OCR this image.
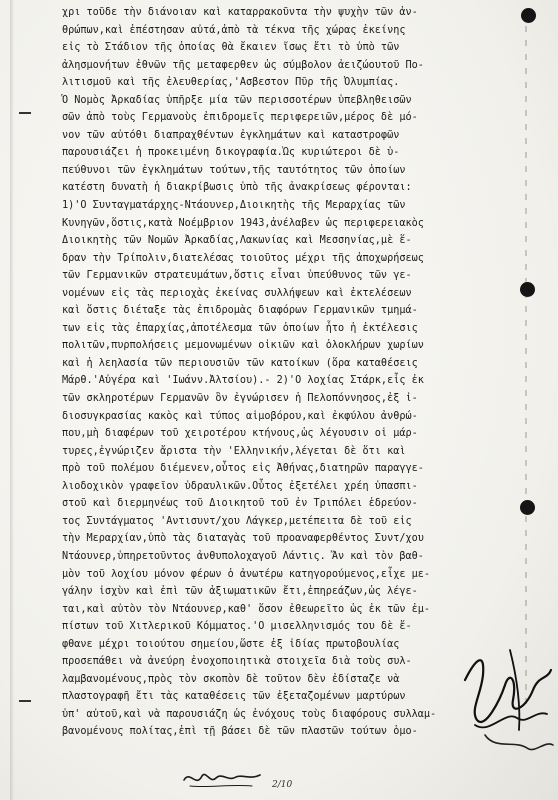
χρι τοῦδε τὴν διάνοιαν καὶ καταρρακοῦντα τὴν ψυχὴν τῶν ἀν-
θρώπων,καὶ ἐπέστησαν αὐτά,ἀπὸ τὰ τέκνα τῆς χώρας ἐκείνης
εἰς τὸ Στάδιον τῆς ὁποίας θὰ ἔκαιεν ἴσως ἔτι τὸ ὑπὸ τῶν
ἀλησμονήτων ἐθνῶν τῆς μεταφερθεν ὡς σύμβολον ἀειζώουτοῦ Πο-
λιτισμοῦ καὶ τῆς ἐλευθερίας,'Ασβεστον Πῦρ τῆς Ὀλυμπίας.
Ὁ Νομὸς Ἀρκαδίας ὑπῆρξε μία τῶν περισσοτέρων ὑπεβληθεισῶν
σῶν ἀπὸ τοὺς Γερμανοὺς ἐπιδρομεῖς περιφερειῶν,μέρος δὲ μό-
νον τῶν αὐτόθι διαπραχθέντων ἐγκλημάτων καὶ καταστροφῶν
παρουσιάζει ἡ προκειμένη δικογραφία.Ὡς κυριώτεροι δὲ ὑ-
πεύθυνοι τῶν ἐγκλημάτων τούτων,τῆς ταυτότητος τῶν ὁποίων
κατέστη δυνατὴ ἡ διακρίβωσις ὑπὸ τῆς ἀνακρίσεως φέρονται:
1)'Ο Συνταγματάρχης-Ντάουνερ,Διοικητὴς τῆς Μεραρχίας τῶν
Κυνηγῶν,ὅστις,κατὰ Νοέμβριον 1943,ἀνέλαβεν ὡς περιφερειακὸς
Διοικητὴς τῶν Νομῶν Ἀρκαδίας,Λακωνίας καὶ Μεσσηνίας,μὲ ἕ-
δραν τὴν Τρίπολιν,διατελέσας τοιοῦτος μέχρι τῆς ἀποχωρήσεως
τῶν Γερμανικῶν στρατευμάτων,ὅστις εἶναι ὑπεύθυνος τῶν γε-
νομένων εἰς τὰς περιοχὰς ἐκείνας συλλήψεων καὶ ἐκτελέσεων
καὶ ὅστις διέταξε τὰς ἐπιδρομὰς διαφόρων Γερμανικῶν τμημά-
των εἰς τὰς ἐπαρχίας,ἀποτέλεσμα τῶν ὁποίων ἦτο ἡ ἐκτέλεσις
πολιτῶν,πυρπολήσεις μεμονωμένων οἰκιῶν καὶ ὁλοκλήρων χωρίων
καὶ ἡ λεηλασία τῶν περιουσιῶν τῶν κατοίκων (ὅρα καταθέσεις
Μάρθ.'Αὐγέρα καὶ 'Ιωάνν.Ἀλτσίου).- 2)'Ο λοχίας Στάρκ,εἷς ἐκ
τῶν σκληροτέρων Γερμανῶν ὃν ἐγνώρισεν ἡ Πελοπόννησος,ἐξ ἰ-
διοσυγκρασίας κακὸς καὶ τύπος αἱμοβόρου,καὶ ἐκφύλου ἀνθρώ-
που,μὴ διαφέρων τοῦ χειροτέρου κτήνους,ὡς λέγουσιν οἱ μάρ-
τυρες,ἐγνώριζεν ἄριστα τὴν 'Ελληνικήν,λέγεται δὲ ὅτι καὶ
πρὸ τοῦ πολέμου διέμενεν,οὗτος εἰς Ἀθήνας,διατηρῶν παραγγε-
λιοδοχικὸν γραφεῖον ὑδραυλικῶν.Οὗτος ἐξετέλει χρέη ὑπασπι-
στοῦ καὶ διερμηνέως τοῦ Διοικητοῦ τοῦ ἐν Τριπόλει ἑδρεύον-
τος Συντάγματος 'Αντισυντ/χου Λάγκερ,μετέπειτα δὲ τοῦ εἰς
τὴν Μεραρχίαν,ὑπὸ τὰς διαταγὰς τοῦ προαναφερθέντος Συντ/χου
Ντάουνερ,ὑπηρετοῦντος ἀνθυπολοχαγοῦ Λάντις. Ἄν καὶ τὸν βαθ-
μὸν τοῦ λοχίου μόνον φέρων ὁ ἀνωτέρω κατηγορούμενος,εἶχε με-
γάλην ἰσχὺν καὶ ἐπὶ τῶν ἀξιωματικῶν ἔτι,ἐπηρεάζων,ὡς λέγε-
ται,καὶ αὐτὸν τὸν Ντάουνερ,καθ' ὅσον ἐθεωρεῖτο ὡς ἐκ τῶν ἐμ-
πίστων τοῦ Χιτλερικοῦ Κόμματος.'Ο μισελληνισμός του δὲ ἔ-
φθανε μέχρι τοιούτου σημείου,ὥστε ἐξ ἰδίας πρωτοβουλίας
προσεπάθει νὰ ἀνεύρη ἐνοχοποιητικὰ στοιχεῖα διὰ τοὺς συλ-
λαμβανομένους,πρὸς τὸν σκοπὸν δὲ τοῦτον δὲν ἐδίσταζε νὰ
πλαστογραφῆ ἔτι τὰς καταθέσεις τῶν ἐξεταζομένων μαρτύρων
ὑπ' αὐτοῦ,καὶ νὰ παρουσιάζη ὡς ἐνόχους τοὺς διαφόρους συλλαμ-
βανομένους πολίτας,ἐπὶ τῇ βάσει δὲ τῶν πλαστῶν τούτων ὁμο-
2/10
